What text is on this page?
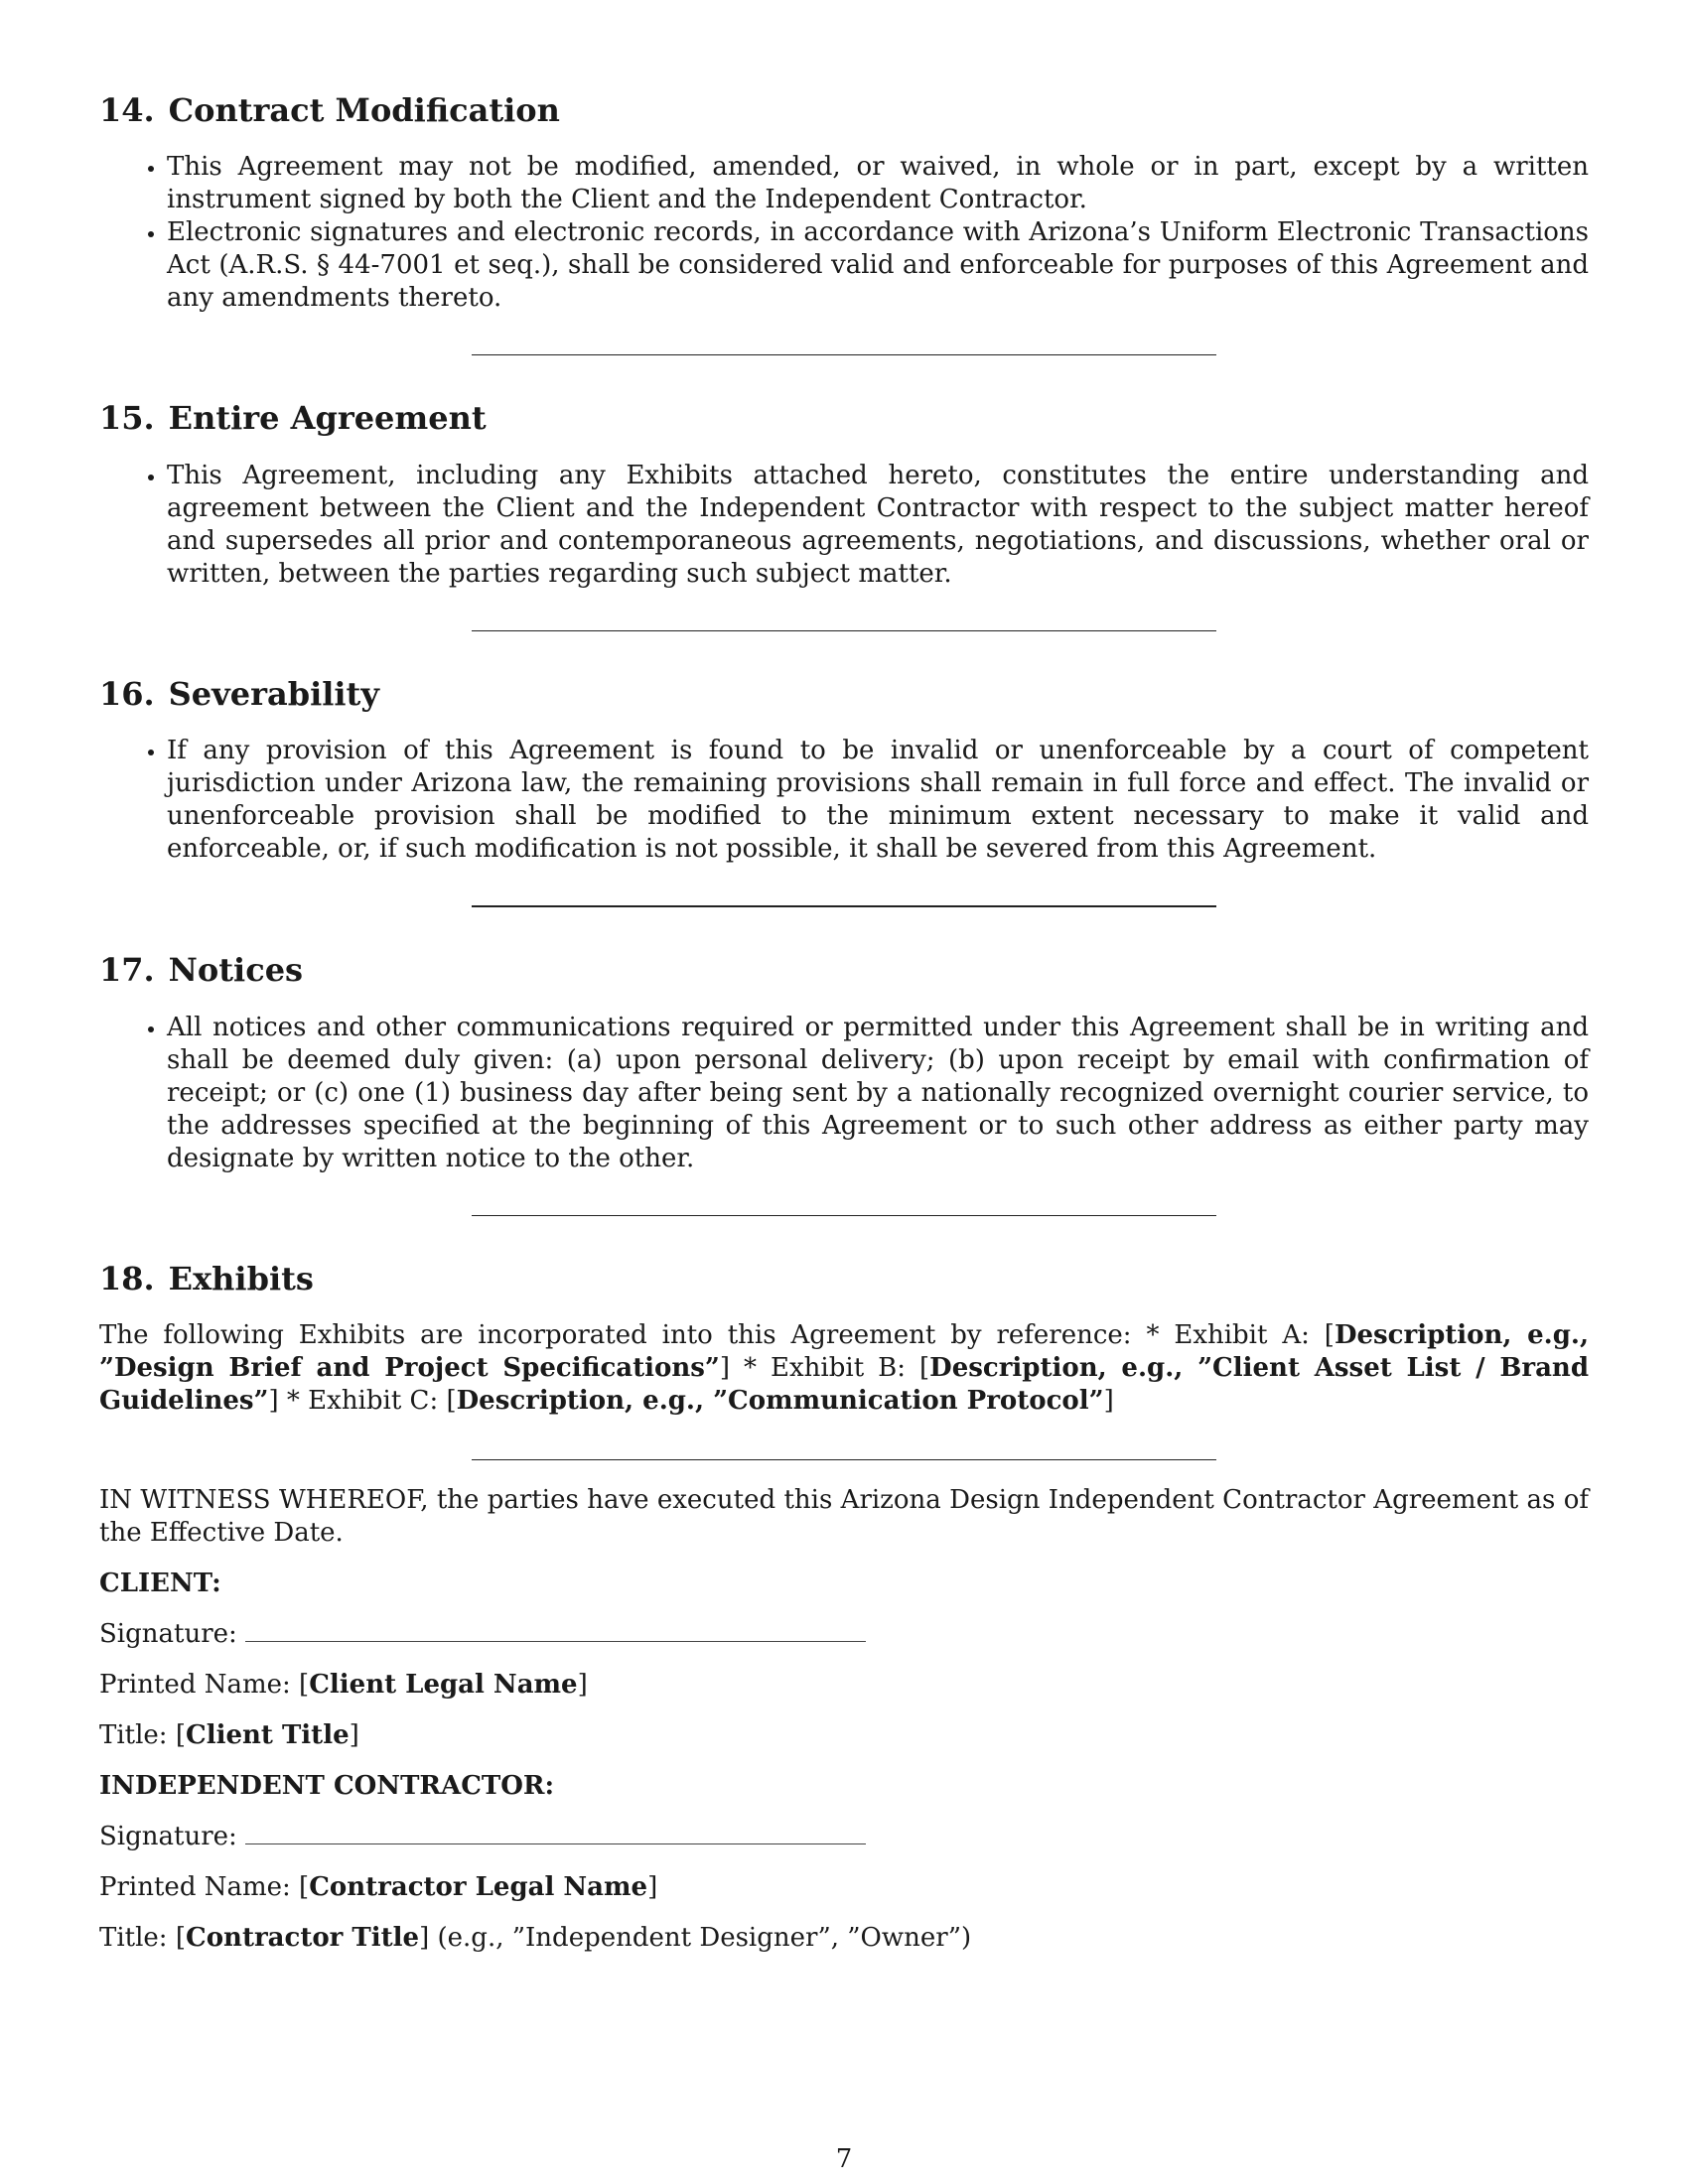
14. Contract Modification
• This Agreement may not be modified, amended, or waived, in whole or in part, except by a written instrument signed by both the Client and the Independent Contractor.
• Electronic signatures and electronic records, in accordance with Arizona’s Uniform Electronic Transactions Act (A.R.S. § 44-7001 et seq.), shall be considered valid and enforceable for purposes of this Agreement and any amendments thereto.
15. Entire Agreement
• This Agreement, including any Exhibits attached hereto, constitutes the entire understanding and agreement between the Client and the Independent Contractor with respect to the subject matter hereof and supersedes all prior and contemporaneous agreements, negotiations, and discussions, whether oral or written, between the parties regarding such subject matter.
16. Severability
• If any provision of this Agreement is found to be invalid or unenforceable by a court of competent jurisdiction under Arizona law, the remaining provisions shall remain in full force and effect. The invalid or unenforceable provision shall be modified to the minimum extent necessary to make it valid and enforceable, or, if such modification is not possible, it shall be severed from this Agreement.
17. Notices
• All notices and other communications required or permitted under this Agreement shall be in writing and shall be deemed duly given: (a) upon personal delivery; (b) upon receipt by email with confirmation of receipt; or (c) one (1) business day after being sent by a nationally recognized overnight courier service, to the addresses specified at the beginning of this Agreement or to such other address as either party may designate by written notice to the other.
18. Exhibits

The following Exhibits are incorporated into this Agreement by reference: * Exhibit A: [Description, e.g., ”Design Brief and Project Specifications”] * Exhibit B: [Description, e.g., ”Client Asset List / Brand Guidelines”] * Exhibit C: [Description, e.g., ”Communication Protocol”]

IN WITNESS WHEREOF, the parties have executed this Arizona Design Independent Contractor Agreement as of the Effective Date.

CLIENT:

Signature:

Printed Name: [Client Legal Name]

Title: [Client Title]

INDEPENDENT CONTRACTOR:

Signature:

Printed Name: [Contractor Legal Name]

Title: [Contractor Title] (e.g., ”Independent Designer”, ”Owner”)

7
